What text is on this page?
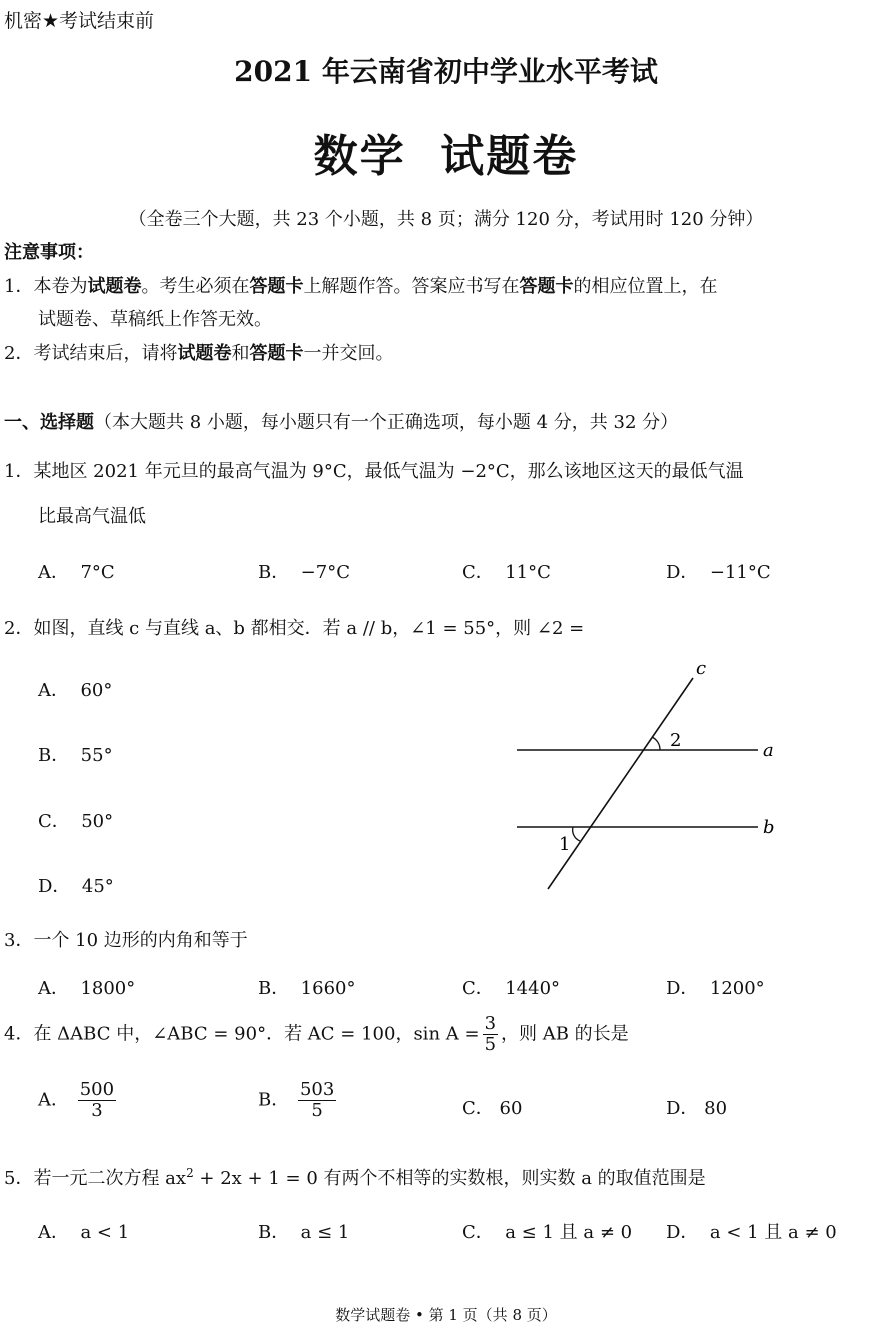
机密★考试结束前
2021 年云南省初中学业水平考试
数学  试题卷
（全卷三个大题，共 23 个小题，共 8 页；满分 120 分，考试用时 120 分钟）
注意事项：
1．本卷为试题卷。考生必须在答题卡上解题作答。答案应书写在答题卡的相应位置上，在
试题卷、草稿纸上作答无效。
2．考试结束后，请将试题卷和答题卡一并交回。
一、选择题（本大题共 8 小题，每小题只有一个正确选项，每小题 4 分，共 32 分）
1．某地区 2021 年元旦的最高气温为 9°C，最低气温为 −2°C，那么该地区这天的最低气温
比最高气温低
A．  7°C	B．  −7°C	C．  11°C	D．  −11°C
2．如图，直线 c 与直线 a、b 都相交．若 a // b，∠1 = 55°，则 ∠2 =
A．  60°
B．  55°
C．  50°
D．  45°
c
a
b
2
1
3．一个 10 边形的内角和等于
A．  1800°	B．  1660°	C．  1440°	D．  1200°
4．在 ΔABC 中，∠ABC = 90°．若 AC = 100，$\sin A = \frac{3}{5}$ ，则 AB 的长是
A． $\frac{500}{3}$	B． $\frac{503}{5}$	C． 60	D． 80
5．若一元二次方程 $ax^2 + 2x + 1 = 0$ 有两个不相等的实数根，则实数 a 的取值范围是
A．  a < 1	B．  a ≤ 1	C．  a ≤ 1 且 a ≠ 0 D．  a < 1 且 a ≠ 0
数学试题卷 • 第 1 页（共 8 页）
